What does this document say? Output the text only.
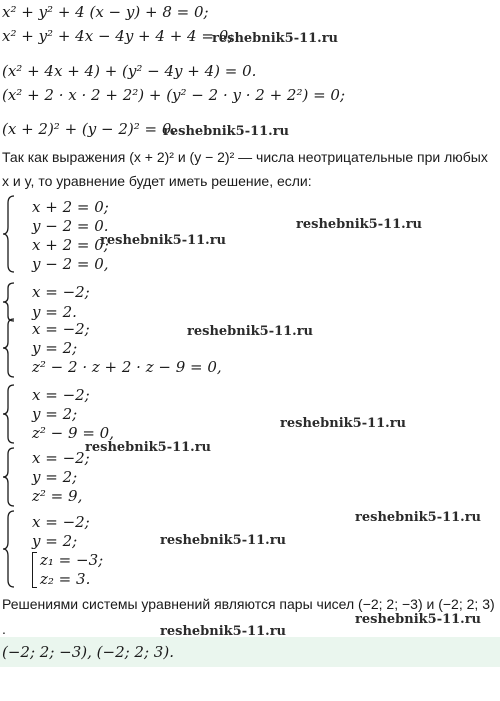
x² + y² + 4 (x − y) + 8 = 0;
x² + y² + 4x − 4y + 4 + 4 = 0;
(x² + 4x + 4) + (y² − 4y + 4) = 0.
(x² + 2 · x · 2 + 2²) + (y² − 2 · y · 2 + 2²) = 0;
(x + 2)² + (y − 2)² = 0.
Так как выражения (x + 2)² и (y − 2)² — числа неотрицательные при любых
x и y, то уравнение будет иметь решение, если:
x + 2 = 0;
y − 2 = 0.
x + 2 = 0;
y − 2 = 0,
x = −2;
y = 2.
x = −2;
y = 2;
z² − 2 · z + 2 · z − 9 = 0,
x = −2;
y = 2;
z² − 9 = 0,
x = −2;
y = 2;
z² = 9,
x = −2;
y = 2;
z₁ = −3;
z₂ = 3.
Решениями системы уравнений являются пары чисел (−2; 2; −3) и (−2; 2; 3)
.
(−2; 2; −3), (−2; 2; 3).
reshebnik5-11.ru
reshebnik5-11.ru
reshebnik5-11.ru
reshebnik5-11.ru
reshebnik5-11.ru
reshebnik5-11.ru
reshebnik5-11.ru
reshebnik5-11.ru
reshebnik5-11.ru
reshebnik5-11.ru
reshebnik5-11.ru
